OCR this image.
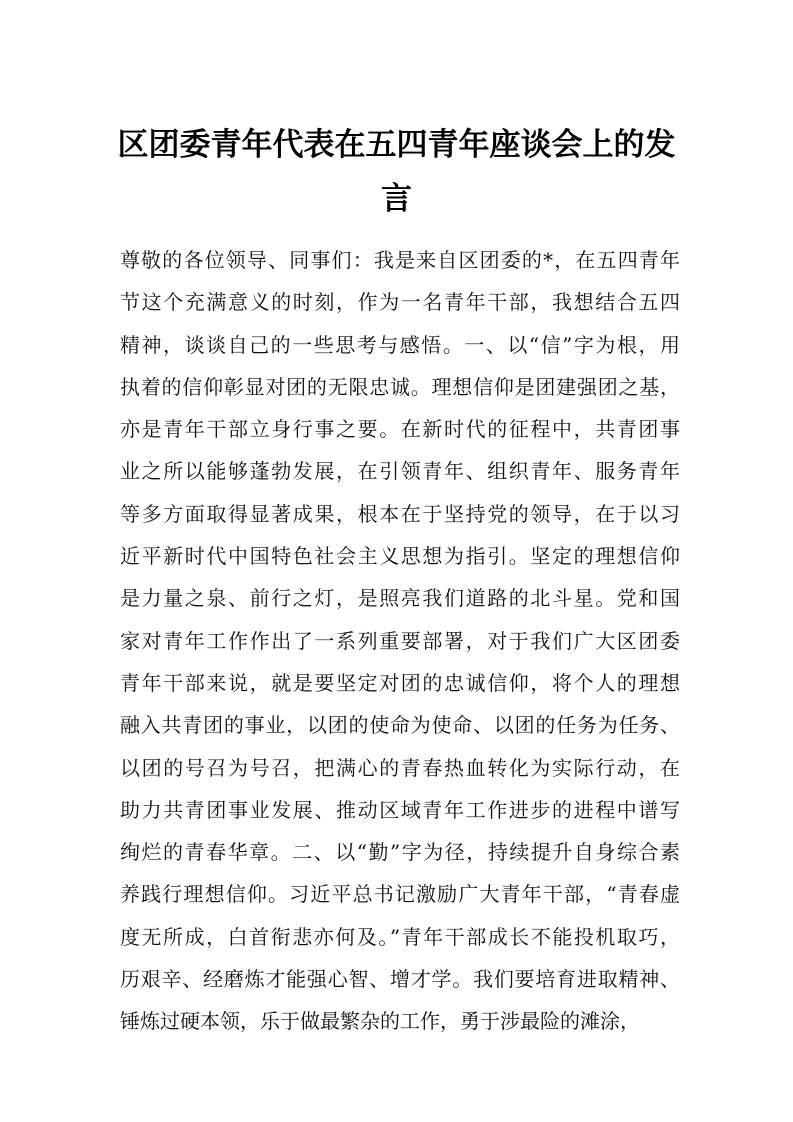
区团委青年代表在五四青年座谈会上的发
言
尊敬的各位领导、同事们：我是来自区团委的*，在五四青年
节这个充满意义的时刻，作为一名青年干部，我想结合五四
精神，谈谈自己的一些思考与感悟。一、以“信”字为根，用
执着的信仰彰显对团的无限忠诚。理想信仰是团建强团之基，
亦是青年干部立身行事之要。在新时代的征程中，共青团事
业之所以能够蓬勃发展，在引领青年、组织青年、服务青年
等多方面取得显著成果，根本在于坚持党的领导，在于以习
近平新时代中国特色社会主义思想为指引。坚定的理想信仰
是力量之泉、前行之灯，是照亮我们道路的北斗星。党和国
家对青年工作作出了一系列重要部署，对于我们广大区团委
青年干部来说，就是要坚定对团的忠诚信仰，将个人的理想
融入共青团的事业，以团的使命为使命、以团的任务为任务、
以团的号召为号召，把满心的青春热血转化为实际行动，在
助力共青团事业发展、推动区域青年工作进步的进程中谱写
绚烂的青春华章。二、以“勤”字为径，持续提升自身综合素
养践行理想信仰。习近平总书记激励广大青年干部，“青春虚
度无所成，白首衔悲亦何及。”青年干部成长不能投机取巧，
历艰辛、经磨炼才能强心智、增才学。我们要培育进取精神、
锤炼过硬本领，乐于做最繁杂的工作，勇于涉最险的滩涂，
